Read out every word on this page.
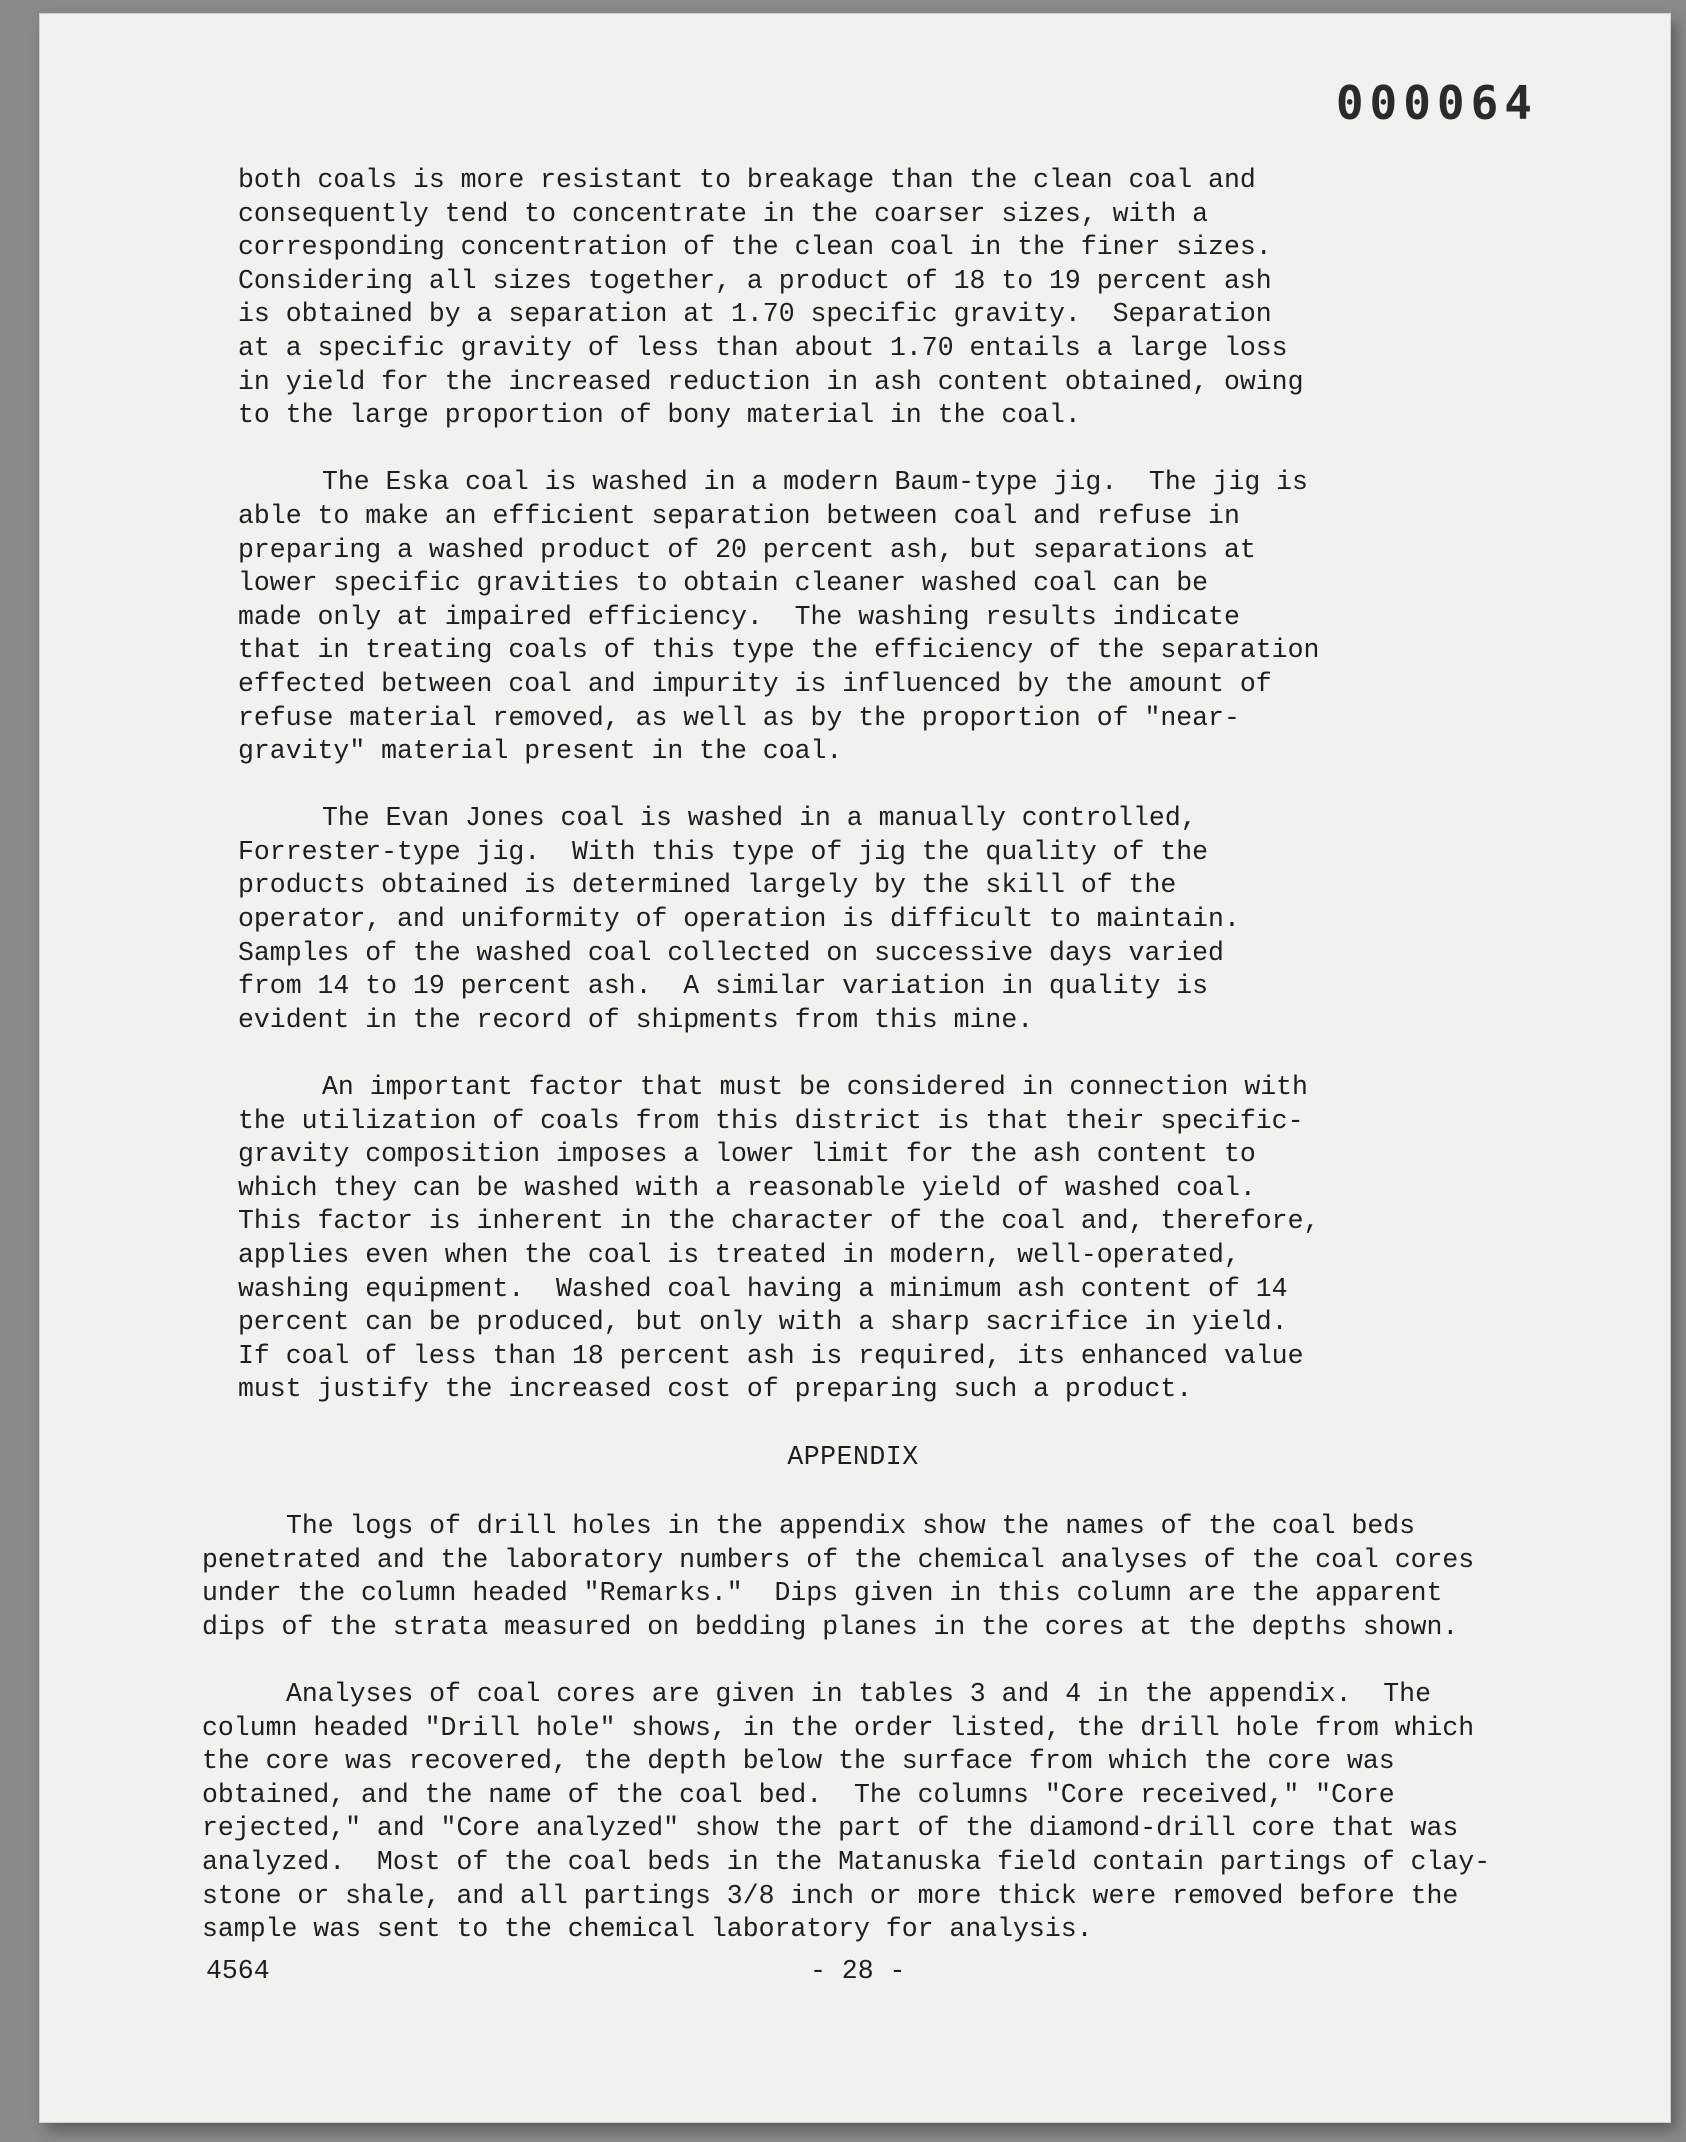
000064
both coals is more resistant to breakage than the clean coal and
consequently tend to concentrate in the coarser sizes, with a
corresponding concentration of the clean coal in the finer sizes.
Considering all sizes together, a product of 18 to 19 percent ash
is obtained by a separation at 1.70 specific gravity.  Separation
at a specific gravity of less than about 1.70 entails a large loss
in yield for the increased reduction in ash content obtained, owing
to the large proportion of bony material in the coal.
The Eska coal is washed in a modern Baum-type jig.  The jig is
able to make an efficient separation between coal and refuse in
preparing a washed product of 20 percent ash, but separations at
lower specific gravities to obtain cleaner washed coal can be
made only at impaired efficiency.  The washing results indicate
that in treating coals of this type the efficiency of the separation
effected between coal and impurity is influenced by the amount of
refuse material removed, as well as by the proportion of "near-
gravity" material present in the coal.
The Evan Jones coal is washed in a manually controlled,
Forrester-type jig.  With this type of jig the quality of the
products obtained is determined largely by the skill of the
operator, and uniformity of operation is difficult to maintain.
Samples of the washed coal collected on successive days varied
from 14 to 19 percent ash.  A similar variation in quality is
evident in the record of shipments from this mine.
An important factor that must be considered in connection with
the utilization of coals from this district is that their specific-
gravity composition imposes a lower limit for the ash content to
which they can be washed with a reasonable yield of washed coal.
This factor is inherent in the character of the coal and, therefore,
applies even when the coal is treated in modern, well-operated,
washing equipment.  Washed coal having a minimum ash content of 14
percent can be produced, but only with a sharp sacrifice in yield.
If coal of less than 18 percent ash is required, its enhanced value
must justify the increased cost of preparing such a product.
APPENDIX
The logs of drill holes in the appendix show the names of the coal beds
penetrated and the laboratory numbers of the chemical analyses of the coal cores
under the column headed "Remarks."  Dips given in this column are the apparent
dips of the strata measured on bedding planes in the cores at the depths shown.
Analyses of coal cores are given in tables 3 and 4 in the appendix.  The
column headed "Drill hole" shows, in the order listed, the drill hole from which
the core was recovered, the depth below the surface from which the core was
obtained, and the name of the coal bed.  The columns "Core received," "Core
rejected," and "Core analyzed" show the part of the diamond-drill core that was
analyzed.  Most of the coal beds in the Matanuska field contain partings of clay-
stone or shale, and all partings 3/8 inch or more thick were removed before the
sample was sent to the chemical laboratory for analysis.
4564	- 28 -
